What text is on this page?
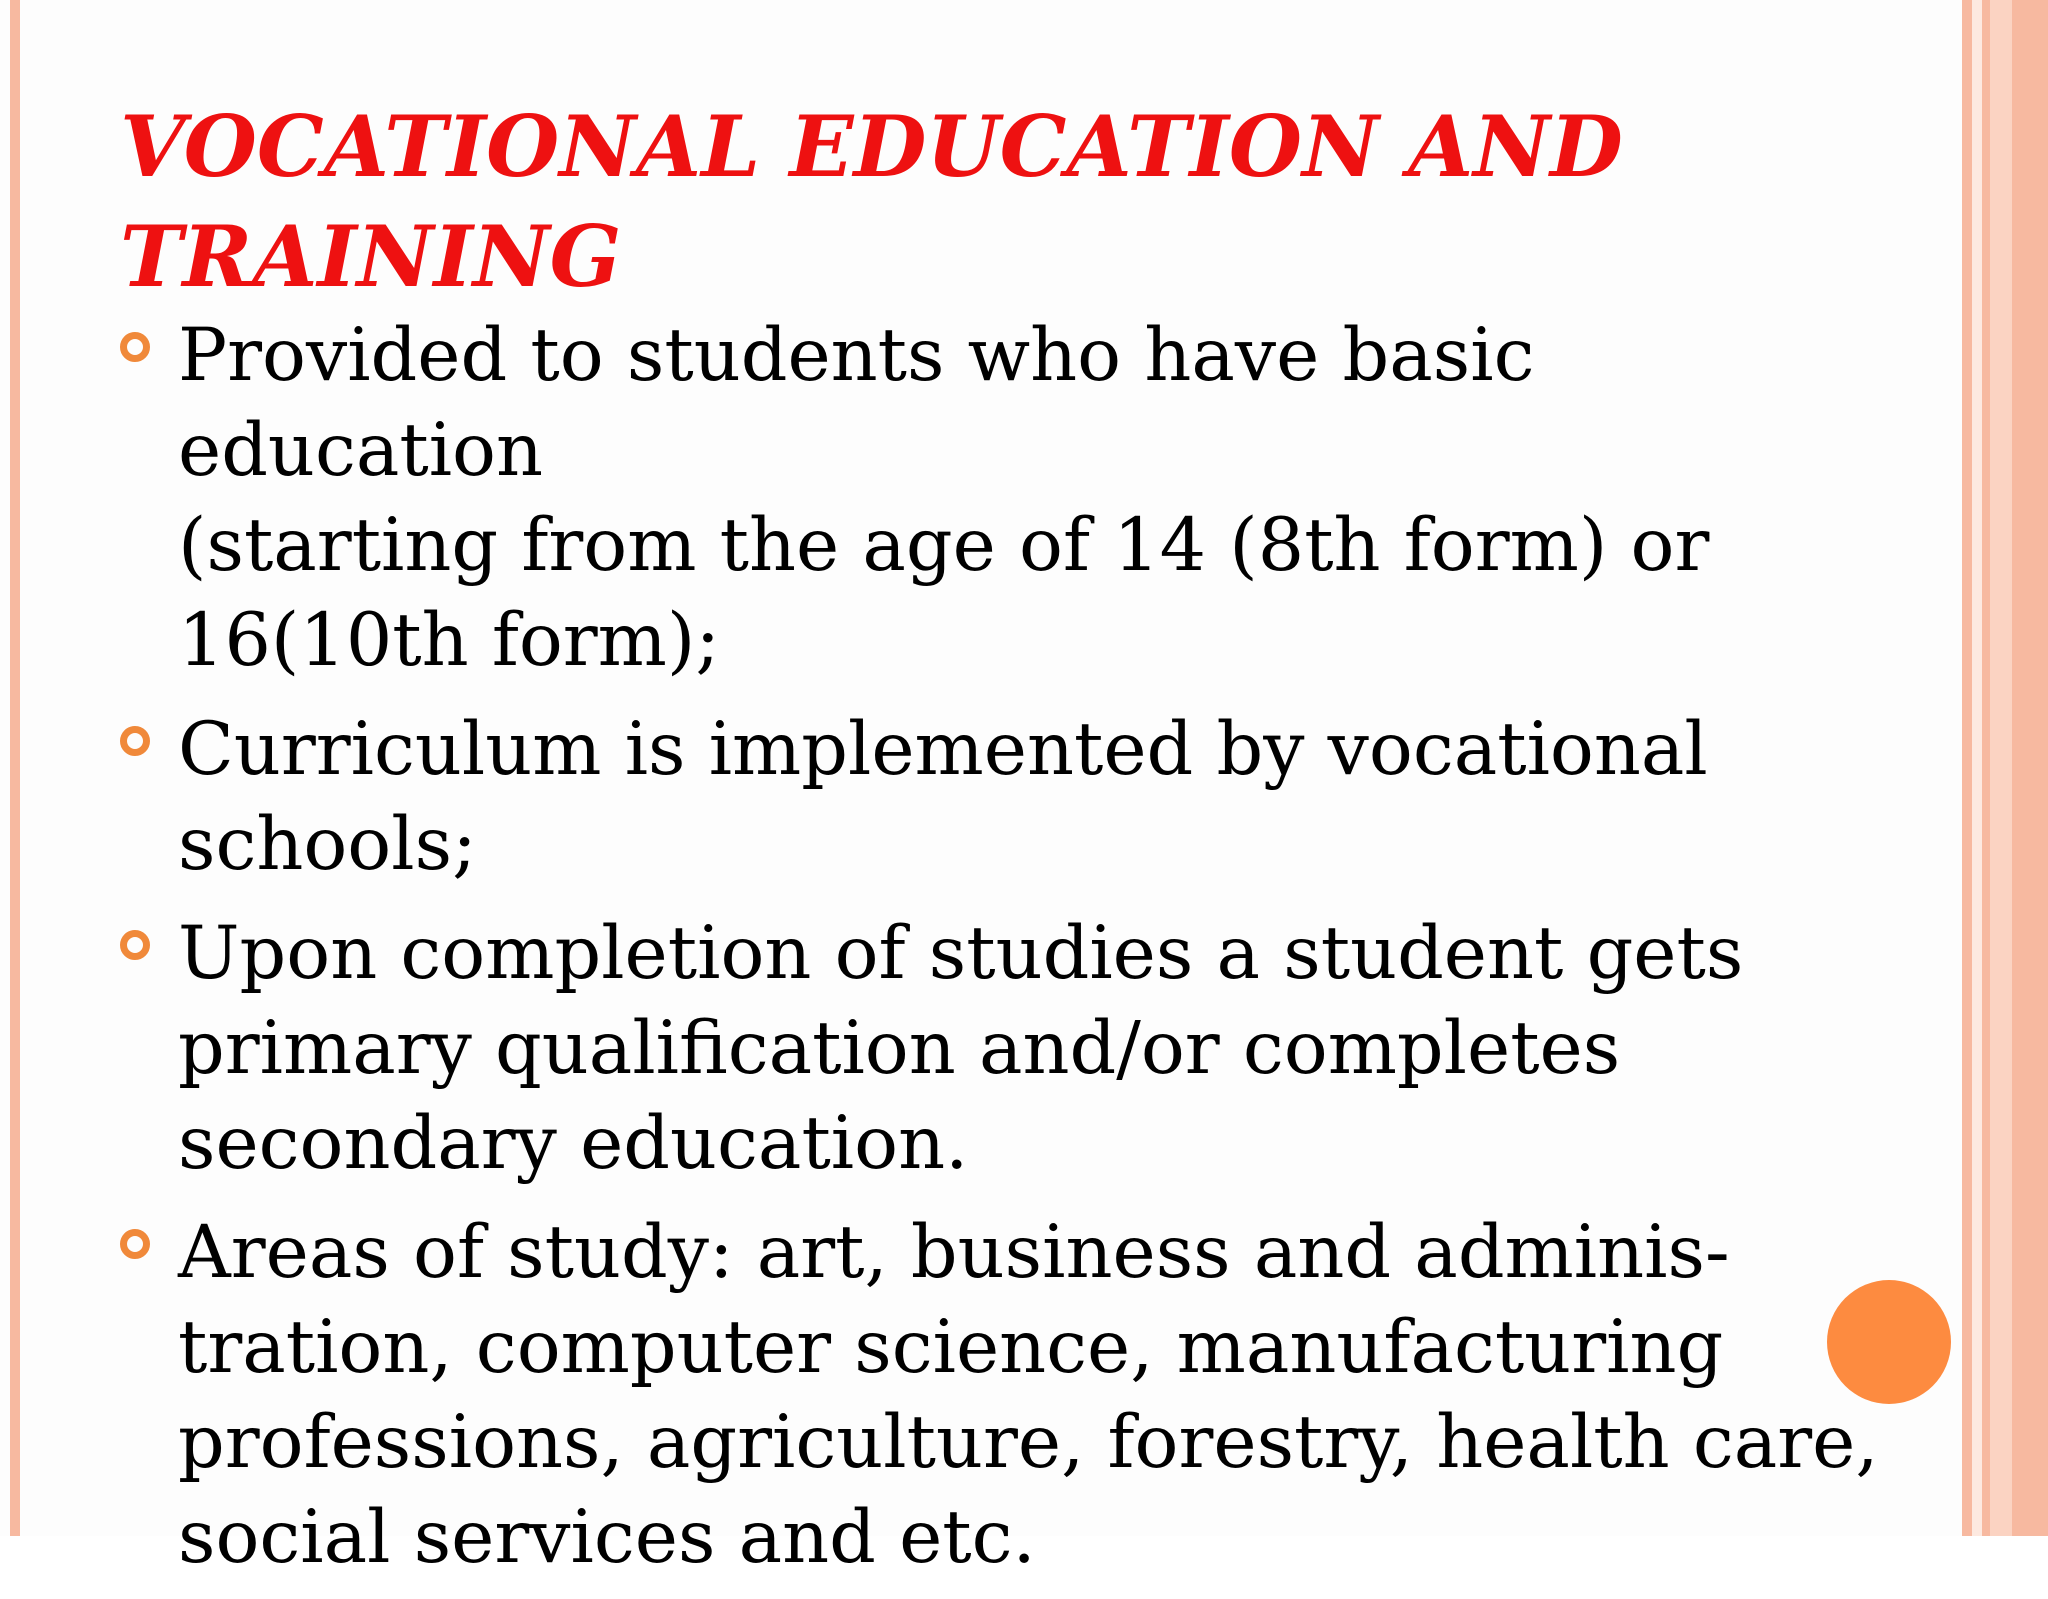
VOCATIONAL EDUCATION AND
TRAINING
Provided to students who have basic education
(starting from the age of 14 (8th form) or
16(10th form);
Curriculum is implemented by vocational
schools;
Upon completion of studies a student gets
primary qualification and/or completes
secondary education.
Areas of study: art, business and adminis-
tration, computer science, manufacturing
professions, agriculture, forestry, health care,
social services and etc.
